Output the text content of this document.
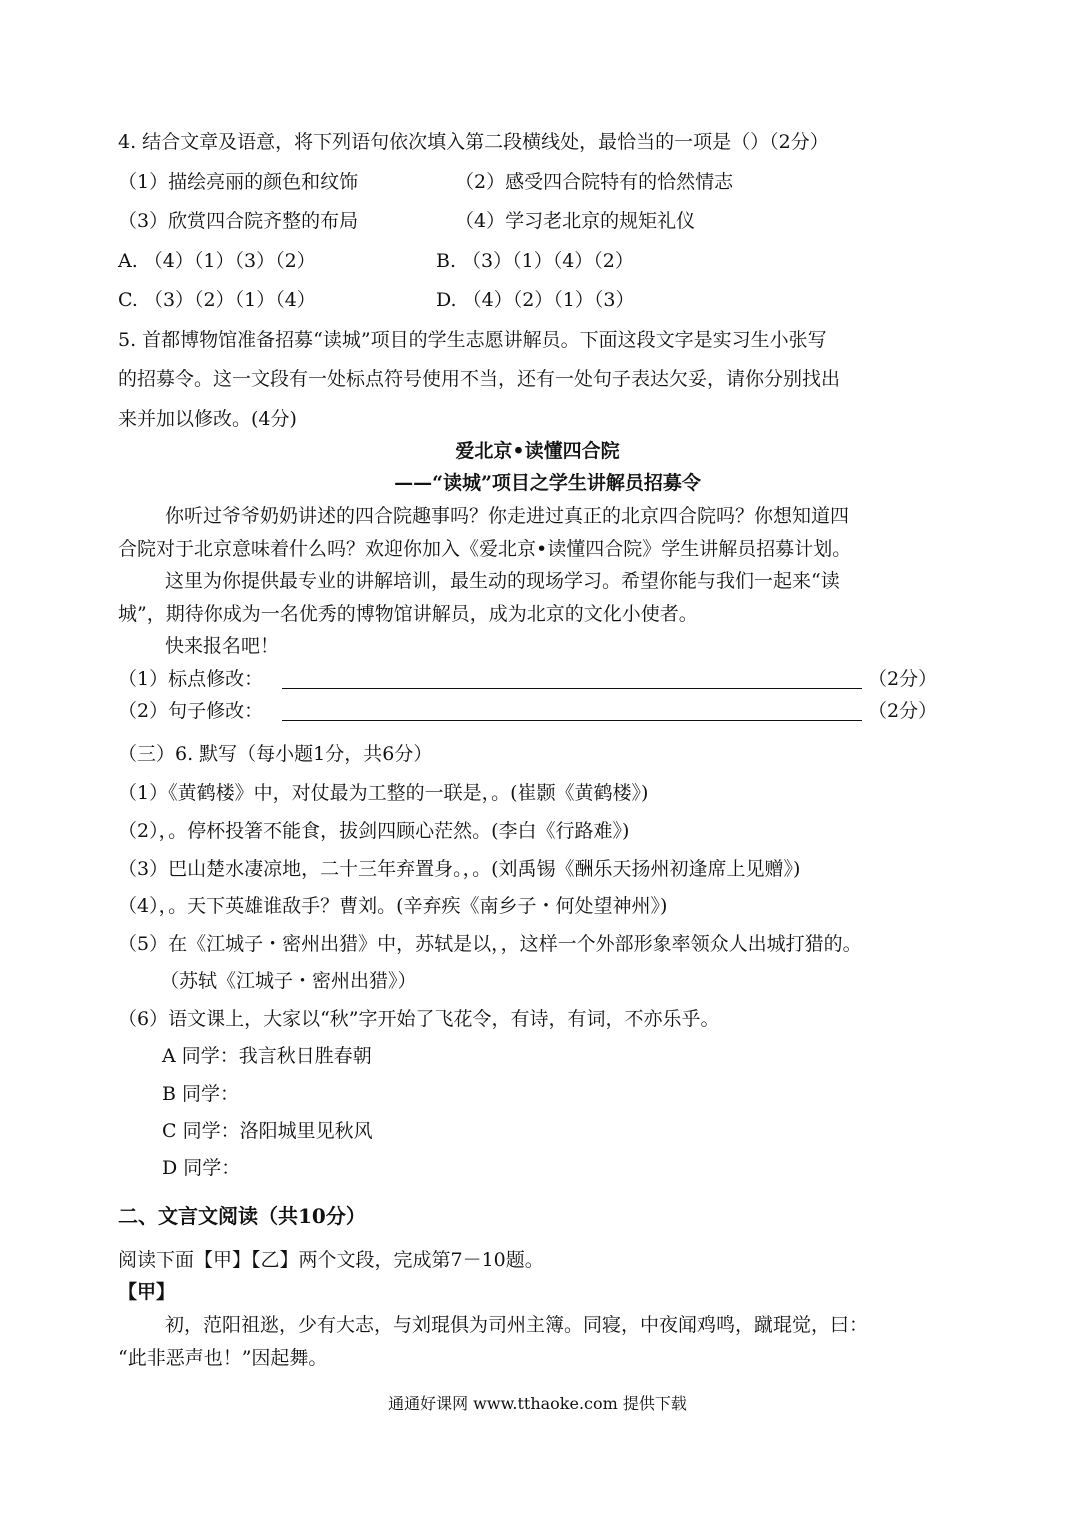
4. 结合文章及语意，将下列语句依次填入第二段横线处，最恰当的一项是（）（2分）
（1）描绘亮丽的颜色和纹饰	（2）感受四合院特有的恰然情志
（3）欣赏四合院齐整的布局	（4）学习老北京的规矩礼仪
A. （4）（1）（3）（2）	B. （3）（1）（4）（2）
C. （3）（2）（1）（4）	D. （4）（2）（1）（3）
5. 首都博物馆准备招募“读城”项目的学生志愿讲解员。下面这段文字是实习生小张写
的招募令。这一文段有一处标点符号使用不当，还有一处句子表达欠妥，请你分别找出
来并加以修改。(4分)
爱北京•读懂四合院
——“读城”项目之学生讲解员招募令
你听过爷爷奶奶讲述的四合院趣事吗？你走进过真正的北京四合院吗？你想知道四
合院对于北京意味着什么吗？欢迎你加入《爱北京•读懂四合院》学生讲解员招募计划。
这里为你提供最专业的讲解培训，最生动的现场学习。希望你能与我们一起来“读
城”，期待你成为一名优秀的博物馆讲解员，成为北京的文化小使者。
快来报名吧！
（1）标点修改：	（2分）
（2）句子修改：	（2分）
（三）6. 默写（每小题1分，共6分）
（1）《黄鹤楼》中，对仗最为工整的一联是，。(崔颢《黄鹤楼》)
（2），。停杯投箸不能食，拔剑四顾心茫然。(李白《行路难》)
（3）巴山楚水凄凉地，二十三年弃置身。，。(刘禹锡《酬乐天扬州初逢席上见赠》)
（4），。天下英雄谁敌手？曹刘。(辛弃疾《南乡子・何处望神州》)
（5）在《江城子・密州出猎》中，苏轼是以，，这样一个外部形象率领众人出城打猎的。
（苏轼《江城子・密州出猎》）
（6）语文课上，大家以“秋”字开始了飞花令，有诗，有词，不亦乐乎。
A 同学：我言秋日胜春朝
B 同学：
C 同学：洛阳城里见秋风
D 同学：
二、文言文阅读（共10分）
阅读下面【甲】【乙】两个文段，完成第7－10题。
【甲】
初，范阳祖逖，少有大志，与刘琨俱为司州主簿。同寝，中夜闻鸡鸣，蹴琨觉，曰：
“此非恶声也！”因起舞。
通通好课网 www.tthaoke.com 提供下载
